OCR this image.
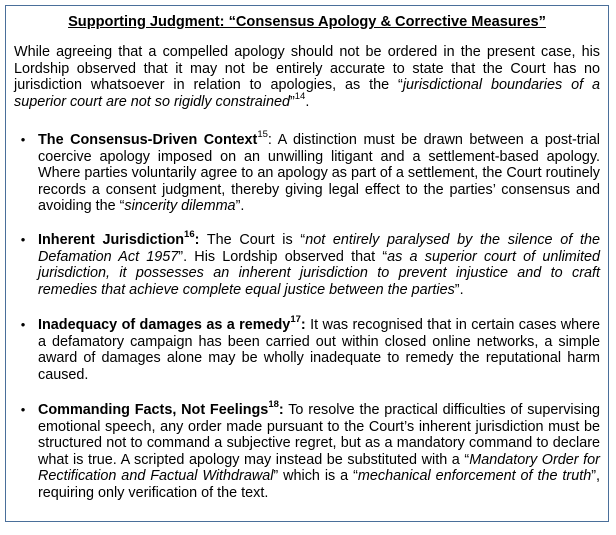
Supporting Judgment: “Consensus Apology & Corrective Measures”
While agreeing that a compelled apology should not be ordered in the present case, his Lordship observed that it may not be entirely accurate to state that the Court has no jurisdiction whatsoever in relation to apologies, as the “jurisdictional boundaries of a superior court are not so rigidly constrained”$^{14}$.
• The Consensus-Driven Context$^{15}$: A distinction must be drawn between a post-trial coercive apology imposed on an unwilling litigant and a settlement-based apology. Where parties voluntarily agree to an apology as part of a settlement, the Court routinely records a consent judgment, thereby giving legal effect to the parties’ consensus and avoiding the “sincerity dilemma”.
• Inherent Jurisdiction$^{16}$: The Court is “not entirely paralysed by the silence of the Defamation Act 1957”. His Lordship observed that “as a superior court of unlimited jurisdiction, it possesses an inherent jurisdiction to prevent injustice and to craft remedies that achieve complete equal justice between the parties”.
• Inadequacy of damages as a remedy$^{17}$: It was recognised that in certain cases where a defamatory campaign has been carried out within closed online networks, a simple award of damages alone may be wholly inadequate to remedy the reputational harm caused.
• Commanding Facts, Not Feelings$^{18}$: To resolve the practical difficulties of supervising emotional speech, any order made pursuant to the Court’s inherent jurisdiction must be structured not to command a subjective regret, but as a mandatory command to declare what is true. A scripted apology may instead be substituted with a “Mandatory Order for Rectification and Factual Withdrawal” which is a “mechanical enforcement of the truth”, requiring only verification of the text.
